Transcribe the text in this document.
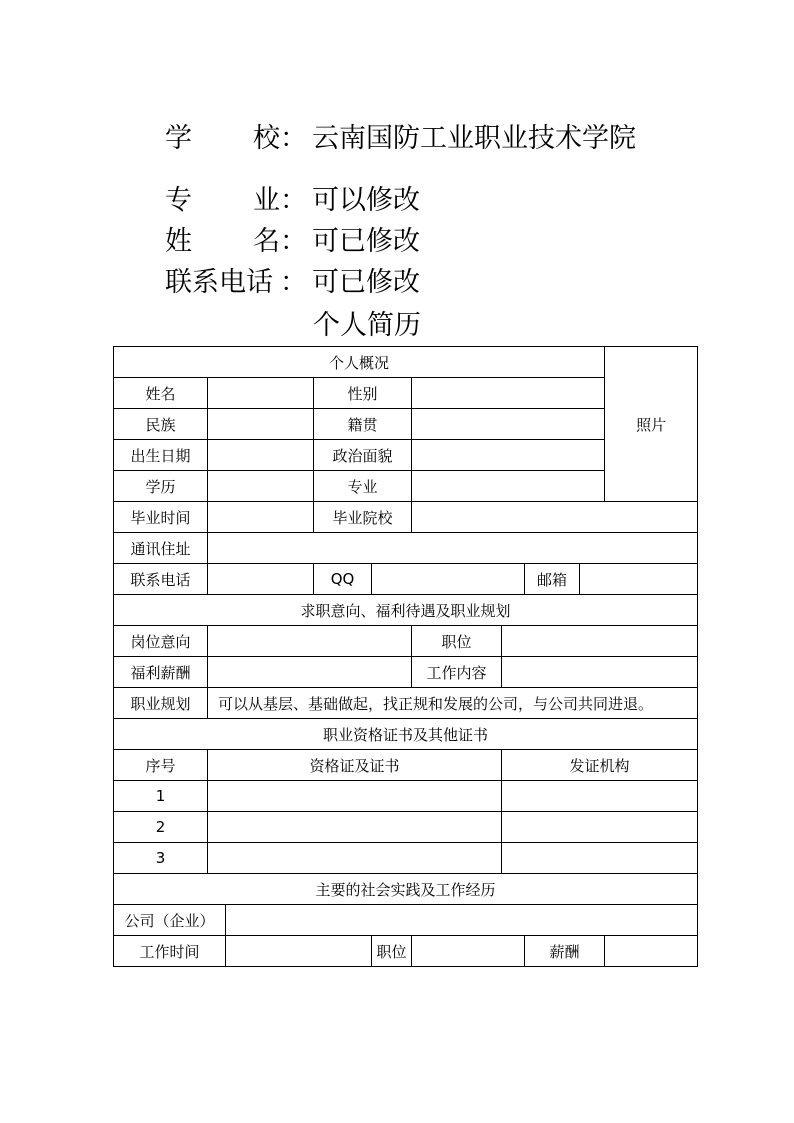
学 校 ： 云南国防工业职业技术学院
专 业 ： 可以修改
姓 名 ： 可已修改
联系电话 ： 可已修改
个人简历
个人概况									照片
姓名			性别						
民族			籍贯						
出生日期			政治面貌						
学历			专业						
毕业时间			毕业院校						
通讯住址									
联系电话			QQ				邮箱		
求职意向、福利待遇及职业规划									
岗位意向					职位				
福利薪酬					工作内容				
职业规划	可以从基层、基础做起，找正规和发展的公司，与公司共同进退。								
职业资格证书及其他证书									
序号	资格证及证书					发证机构			
1									
2									
3									
主要的社会实践及工作经历									
公司（企业）									
工作时间				职位			薪酬		
